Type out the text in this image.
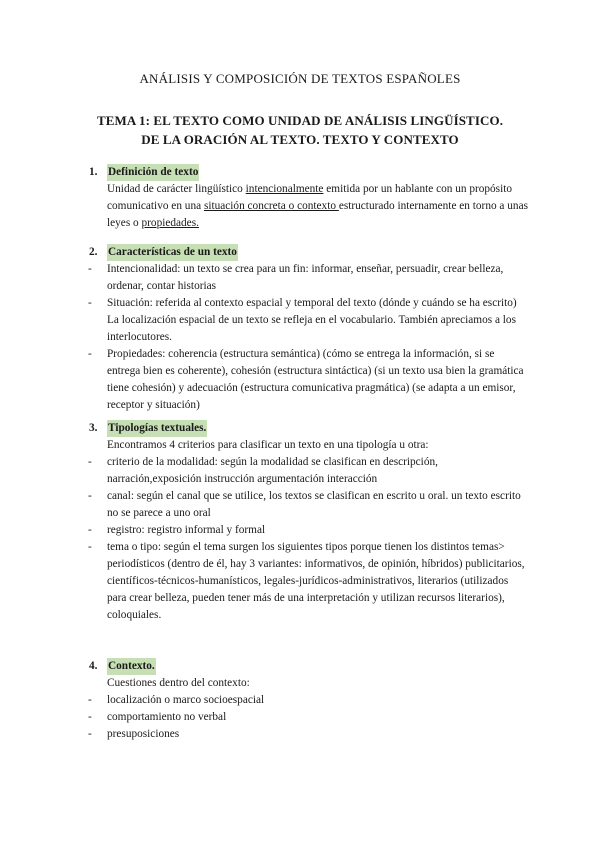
ANÁLISIS Y COMPOSICIÓN DE TEXTOS ESPAÑOLES
TEMA 1: EL TEXTO COMO UNIDAD DE ANÁLISIS LINGÜÍSTICO.
DE LA ORACIÓN AL TEXTO. TEXTO Y CONTEXTO
1. Definición de texto
Unidad de carácter lingüístico intencionalmente emitida por un hablante con un propósito comunicativo en una situación concreta o contexto estructurado internamente en torno a unas leyes o propiedades.
2. Características de un texto
- Intencionalidad: un texto se crea para un fin: informar, enseñar, persuadir, crear belleza, ordenar, contar historias
- Situación: referida al contexto espacial y temporal del texto (dónde y cuándo se ha escrito) La localización espacial de un texto se refleja en el vocabulario. También apreciamos a los interlocutores.
- Propiedades: coherencia (estructura semántica) (cómo se entrega la información, si se entrega bien es coherente), cohesión (estructura sintáctica) (si un texto usa bien la gramática tiene cohesión) y adecuación (estructura comunicativa pragmática) (se adapta a un emisor, receptor y situación)
3. Tipologías textuales.
Encontramos 4 criterios para clasificar un texto en una tipología u otra:
- criterio de la modalidad: según la modalidad se clasifican en descripción, narración,exposición instrucción argumentación interacción
- canal: según el canal que se utilice, los textos se clasifican en escrito u oral. un texto escrito no se parece a uno oral
- registro: registro informal y formal
- tema o tipo: según el tema surgen los siguientes tipos porque tienen los distintos temas> periodísticos (dentro de él, hay 3 variantes: informativos, de opinión, híbridos) publicitarios, científicos-técnicos-humanísticos, legales-jurídicos-administrativos, literarios (utilizados para crear belleza, pueden tener más de una interpretación y utilizan recursos literarios), coloquiales.
4. Contexto.
Cuestiones dentro del contexto:
- localización o marco socioespacial
- comportamiento no verbal
- presuposiciones
